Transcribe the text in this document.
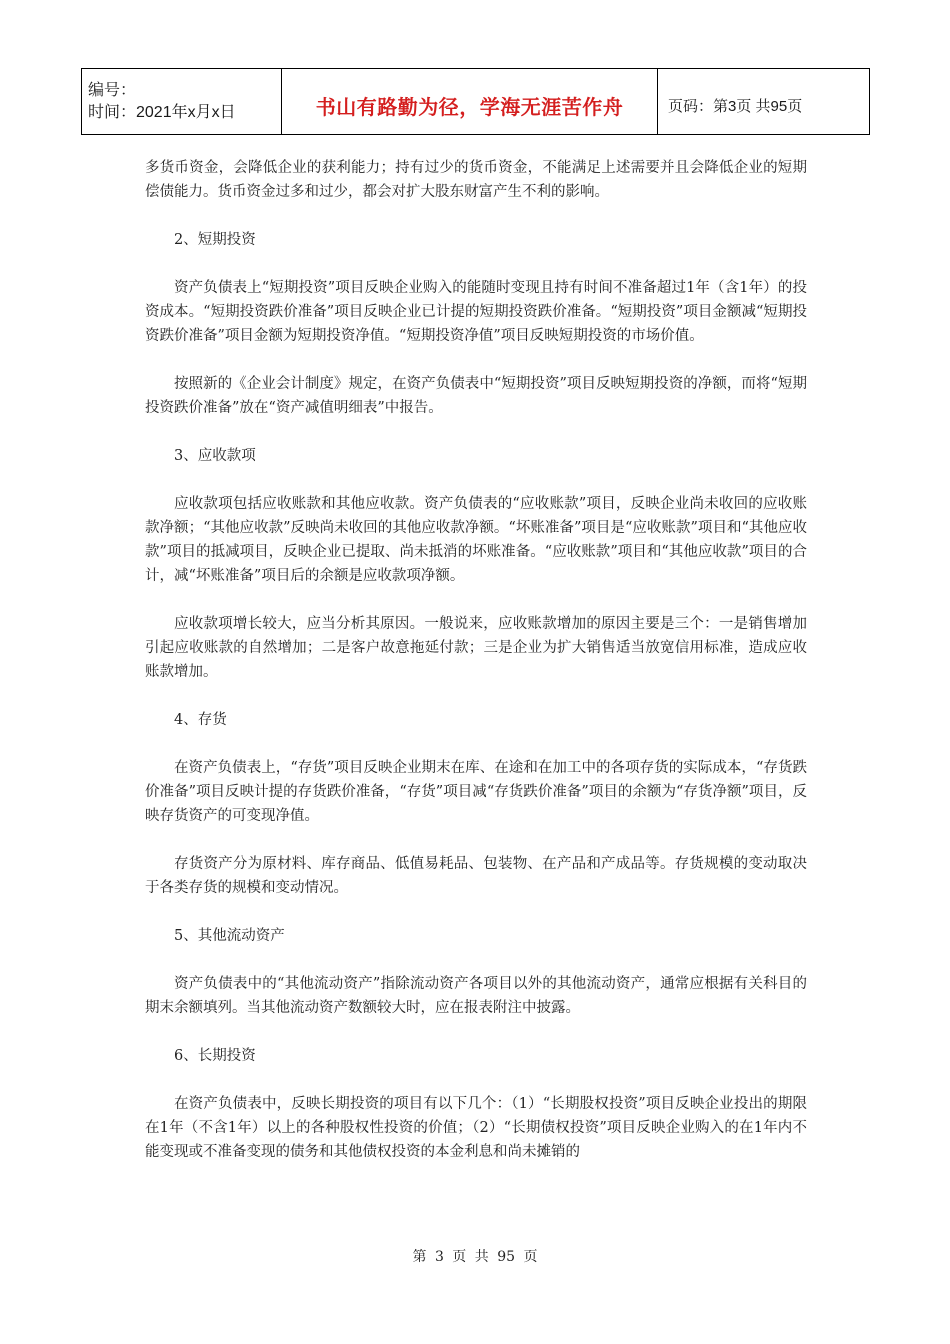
编号：
时间：2021年x月x日	书山有路勤为径，学海无涯苦作舟	页码：第3页 共95页

多货币资金，会降低企业的获利能力；持有过少的货币资金，不能满足上述需要并且会降低企业的短期偿债能力。货币资金过多和过少，都会对扩大股东财富产生不利的影响。

2、短期投资

资产负债表上“短期投资”项目反映企业购入的能随时变现且持有时间不准备超过1年（含1年）的投资成本。“短期投资跌价准备”项目反映企业已计提的短期投资跌价准备。“短期投资”项目金额减“短期投资跌价准备”项目金额为短期投资净值。“短期投资净值”项目反映短期投资的市场价值。

按照新的《企业会计制度》规定，在资产负债表中“短期投资”项目反映短期投资的净额，而将“短期投资跌价准备”放在“资产减值明细表”中报告。

3、应收款项

应收款项包括应收账款和其他应收款。资产负债表的“应收账款”项目，反映企业尚未收回的应收账款净额；“其他应收款”反映尚未收回的其他应收款净额。“坏账准备”项目是“应收账款”项目和“其他应收款”项目的抵减项目，反映企业已提取、尚未抵消的坏账准备。“应收账款”项目和“其他应收款”项目的合计，减“坏账准备”项目后的余额是应收款项净额。

应收款项增长较大，应当分析其原因。一般说来，应收账款增加的原因主要是三个：一是销售增加引起应收账款的自然增加；二是客户故意拖延付款；三是企业为扩大销售适当放宽信用标准，造成应收账款增加。

4、存货

在资产负债表上，“存货”项目反映企业期末在库、在途和在加工中的各项存货的实际成本，“存货跌价准备”项目反映计提的存货跌价准备，“存货”项目减“存货跌价准备”项目的余额为“存货净额”项目，反映存货资产的可变现净值。

存货资产分为原材料、库存商品、低值易耗品、包装物、在产品和产成品等。存货规模的变动取决于各类存货的规模和变动情况。

5、其他流动资产

资产负债表中的“其他流动资产”指除流动资产各项目以外的其他流动资产，通常应根据有关科目的期末余额填列。当其他流动资产数额较大时，应在报表附注中披露。

6、长期投资

在资产负债表中，反映长期投资的项目有以下几个：（1）“长期股权投资”项目反映企业投出的期限在1年（不含1年）以上的各种股权性投资的价值；（2）“长期债权投资”项目反映企业购入的在1年内不能变现或不准备变现的债务和其他债权投资的本金利息和尚未摊销的

第 3 页 共 95 页
